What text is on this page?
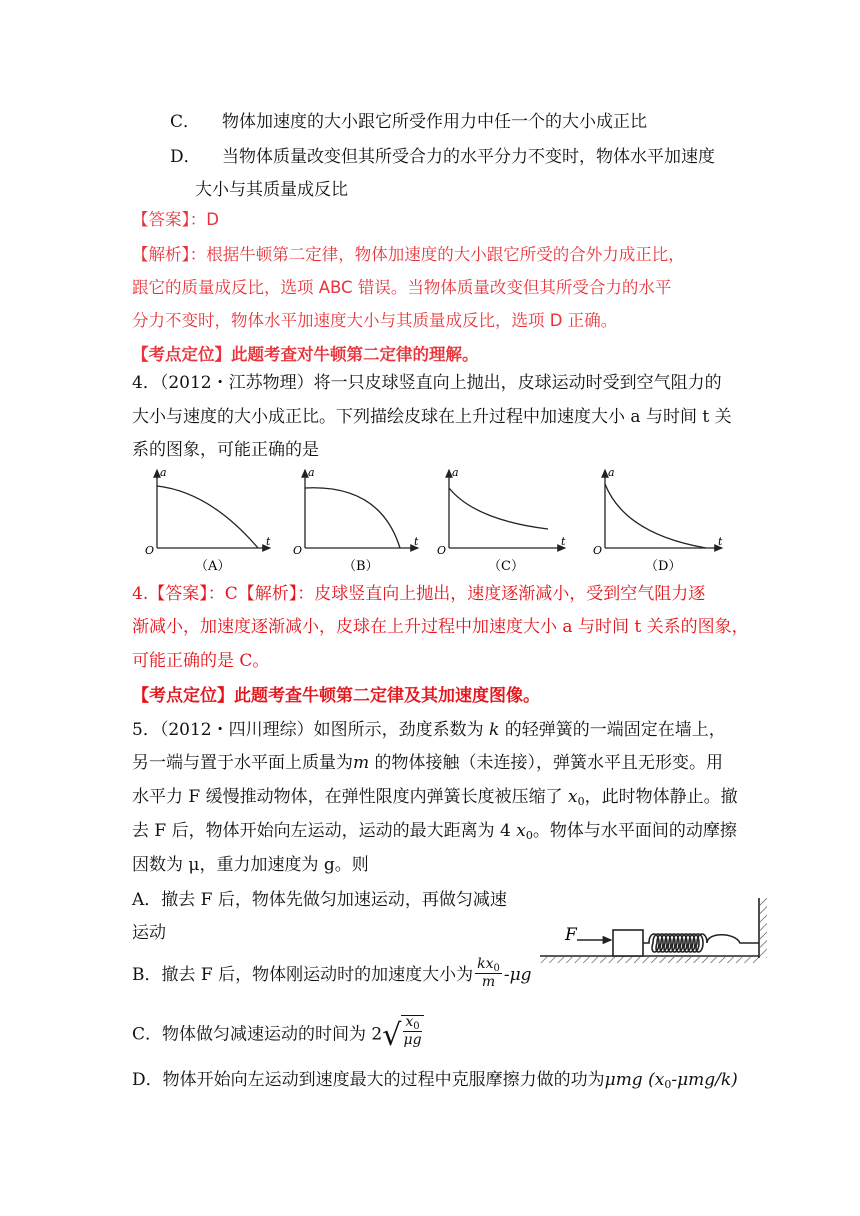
C． 物体加速度的大小跟它所受作用力中任一个的大小成正比
D． 当物体质量改变但其所受合力的水平分力不变时，物体水平加速度
大小与其质量成反比
【答案】：D
【解析】：根据牛顿第二定律，物体加速度的大小跟它所受的合外力成正比，
跟它的质量成反比，选项 ABC 错误。当物体质量改变但其所受合力的水平
分力不变时，物体水平加速度大小与其质量成反比，选项 D 正确。
【考点定位】此题考查对牛顿第二定律的理解。
4．（2012・江苏物理）将一只皮球竖直向上抛出，皮球运动时受到空气阻力的
大小与速度的大小成正比。下列描绘皮球在上升过程中加速度大小 a 与时间 t 关
系的图象，可能正确的是
a
O
t
（A）
a
O
t
（B）
a
O
t
（C）
a
O
t
（D）
4.【答案】：C【解析】：皮球竖直向上抛出，速度逐渐减小，受到空气阻力逐
渐减小，加速度逐渐减小，皮球在上升过程中加速度大小 a 与时间 t 关系的图象，
可能正确的是 C。
【考点定位】此题考查牛顿第二定律及其加速度图像。
5．（2012・四川理综）如图所示，劲度系数为 k 的轻弹簧的一端固定在墙上，
另一端与置于水平面上质量为m 的物体接触（未连接），弹簧水平且无形变。用
水平力 F 缓慢推动物体，在弹性限度内弹簧长度被压缩了 $x_0$，此时物体静止。撤
去 F 后，物体开始向左运动，运动的最大距离为 4 $x_0$。物体与水平面间的动摩擦
因数为 μ，重力加速度为 g。则
A．撤去 F 后，物体先做匀加速运动，再做匀减速
运动	F
B．撤去 F 后，物体刚运动时的加速度大小为 $\frac{kx_0}{m} -\mu g$
C．物体做匀减速运动的时间为 2 √ $\frac{x_0}{\mu g}$
D．物体开始向左运动到速度最大的过程中克服摩擦力做的功为μmg $(x_0-\mu mg/k)$
